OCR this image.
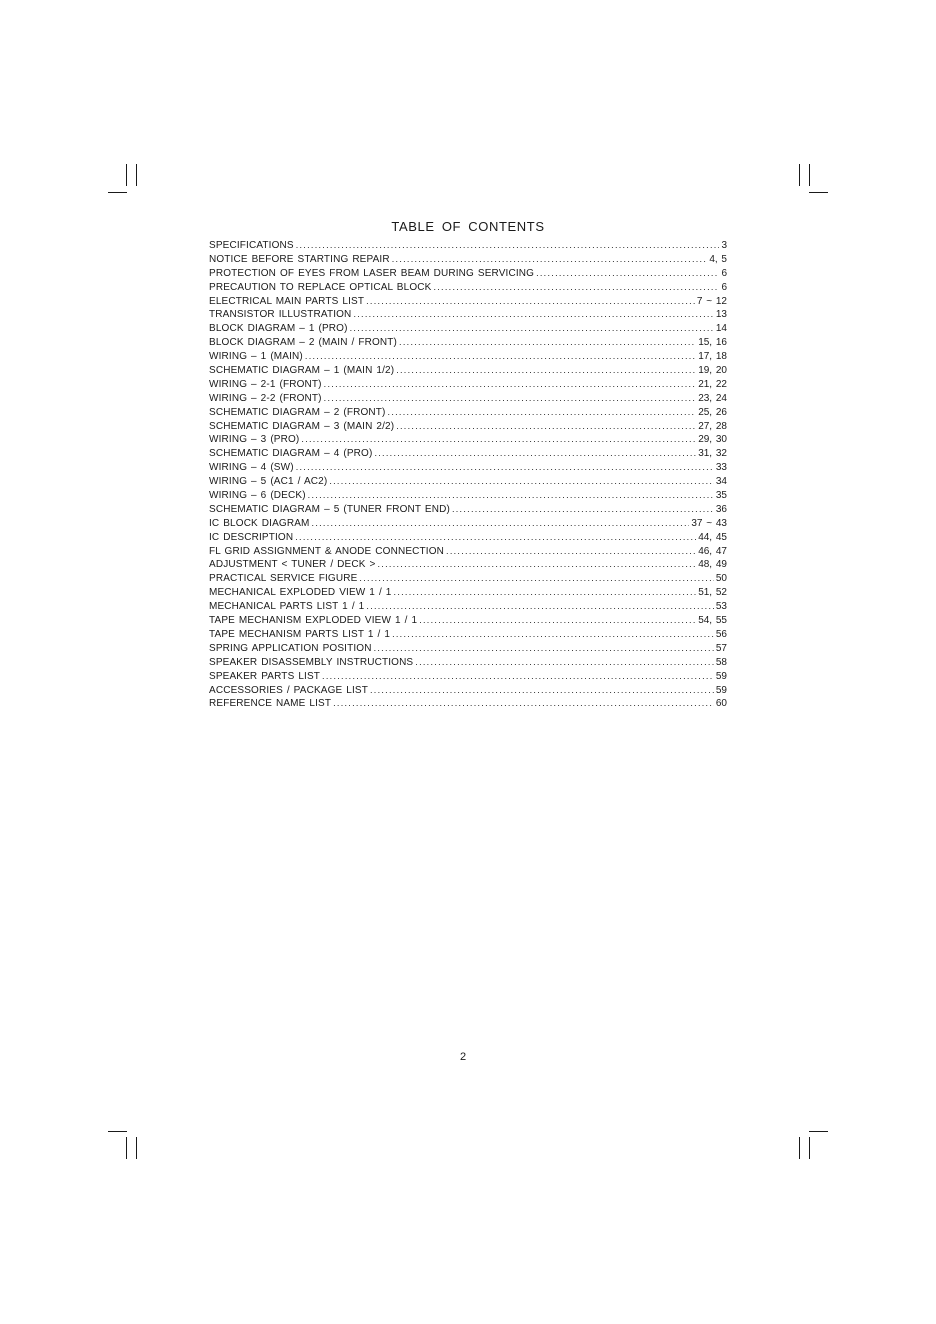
TABLE OF CONTENTS
SPECIFICATIONS .....	3
NOTICE BEFORE STARTING REPAIR .....	4, 5
PROTECTION OF EYES FROM LASER BEAM DURING SERVICING .....	6
PRECAUTION TO REPLACE OPTICAL BLOCK .....	6
ELECTRICAL MAIN PARTS LIST .....	7 ~ 12
TRANSISTOR ILLUSTRATION .....	13
BLOCK DIAGRAM – 1 (PRO) .....	14
BLOCK DIAGRAM – 2 (MAIN / FRONT) .....	15, 16
WIRING – 1 (MAIN) .....	17, 18
SCHEMATIC DIAGRAM – 1 (MAIN 1/2) .....	19, 20
WIRING – 2-1 (FRONT) .....	21, 22
WIRING – 2-2 (FRONT) .....	23, 24
SCHEMATIC DIAGRAM – 2 (FRONT) .....	25, 26
SCHEMATIC DIAGRAM – 3 (MAIN 2/2) .....	27, 28
WIRING – 3 (PRO) .....	29, 30
SCHEMATIC DIAGRAM – 4 (PRO) .....	31, 32
WIRING – 4 (SW) .....	33
WIRING – 5 (AC1 / AC2) .....	34
WIRING – 6 (DECK) .....	35
SCHEMATIC DIAGRAM – 5 (TUNER FRONT END) .....	36
IC BLOCK DIAGRAM .....	37 ~ 43
IC DESCRIPTION .....	44, 45
FL GRID ASSIGNMENT & ANODE CONNECTION .....	46, 47
ADJUSTMENT < TUNER / DECK > .....	48, 49
PRACTICAL SERVICE FIGURE .....	50
MECHANICAL EXPLODED VIEW 1 / 1 .....	51, 52
MECHANICAL PARTS LIST 1 / 1 .....	53
TAPE MECHANISM EXPLODED VIEW 1 / 1 .....	54, 55
TAPE MECHANISM PARTS LIST 1 / 1 .....	56
SPRING APPLICATION POSITION .....	57
SPEAKER DISASSEMBLY INSTRUCTIONS .....	58
SPEAKER PARTS LIST .....	59
ACCESSORIES / PACKAGE LIST .....	59
REFERENCE NAME LIST .....	60
2
